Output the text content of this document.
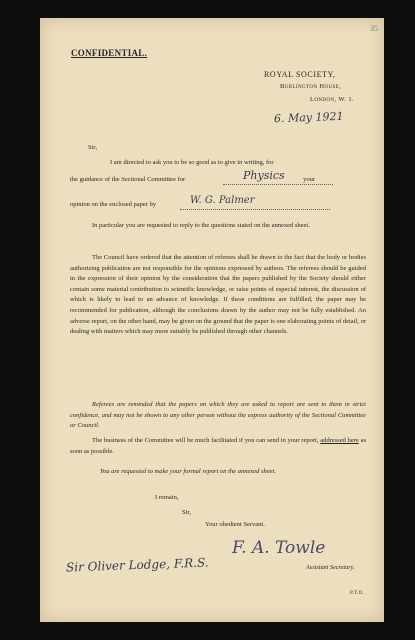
35
CONFIDENTIAL.
ROYAL SOCIETY,
Burlington House,
London, W. 1.
6. May 1921
Sir,
I am directed to ask you to be so good as to give in writing, for
the guidance of the Sectional Committee for	your
Physics
opinion on the enclosed paper by	W. G. Palmer
In particular you are requested to reply to the questions stated on the annexed sheet.
The Council have ordered that the attention of referees shall be drawn to the fact that the body or bodies authorizing publication are not responsible for the opinions expressed by authors. The referees should be guided in the expression of their opinion by the consideration that the papers published by the Society should either contain some material contribution to scientific knowledge, or raise points of especial interest, the discussion of which is likely to lead to an advance of knowledge. If these conditions are fulfilled, the paper may be recommended for publication, although the conclusions drawn by the author may not be fully established. An adverse report, on the other hand, may be given on the ground that the paper is one elaborating points of detail, or dealing with matters which may more suitably be published through other channels.
Referees are reminded that the papers on which they are asked to report are sent to them in strict confidence, and may not be shown to any other person without the express authority of the Sectional Committee or Council.
The business of the Committee will be much facilitated if you can send in your report, addressed here as soon as possible.
You are requested to make your formal report on the annexed sheet.
I remain,
Sir,
Your obedient Servant.
F. A. Towle
Sir Oliver Lodge, F.R.S.	Assistant Secretary.
P.T.O.
